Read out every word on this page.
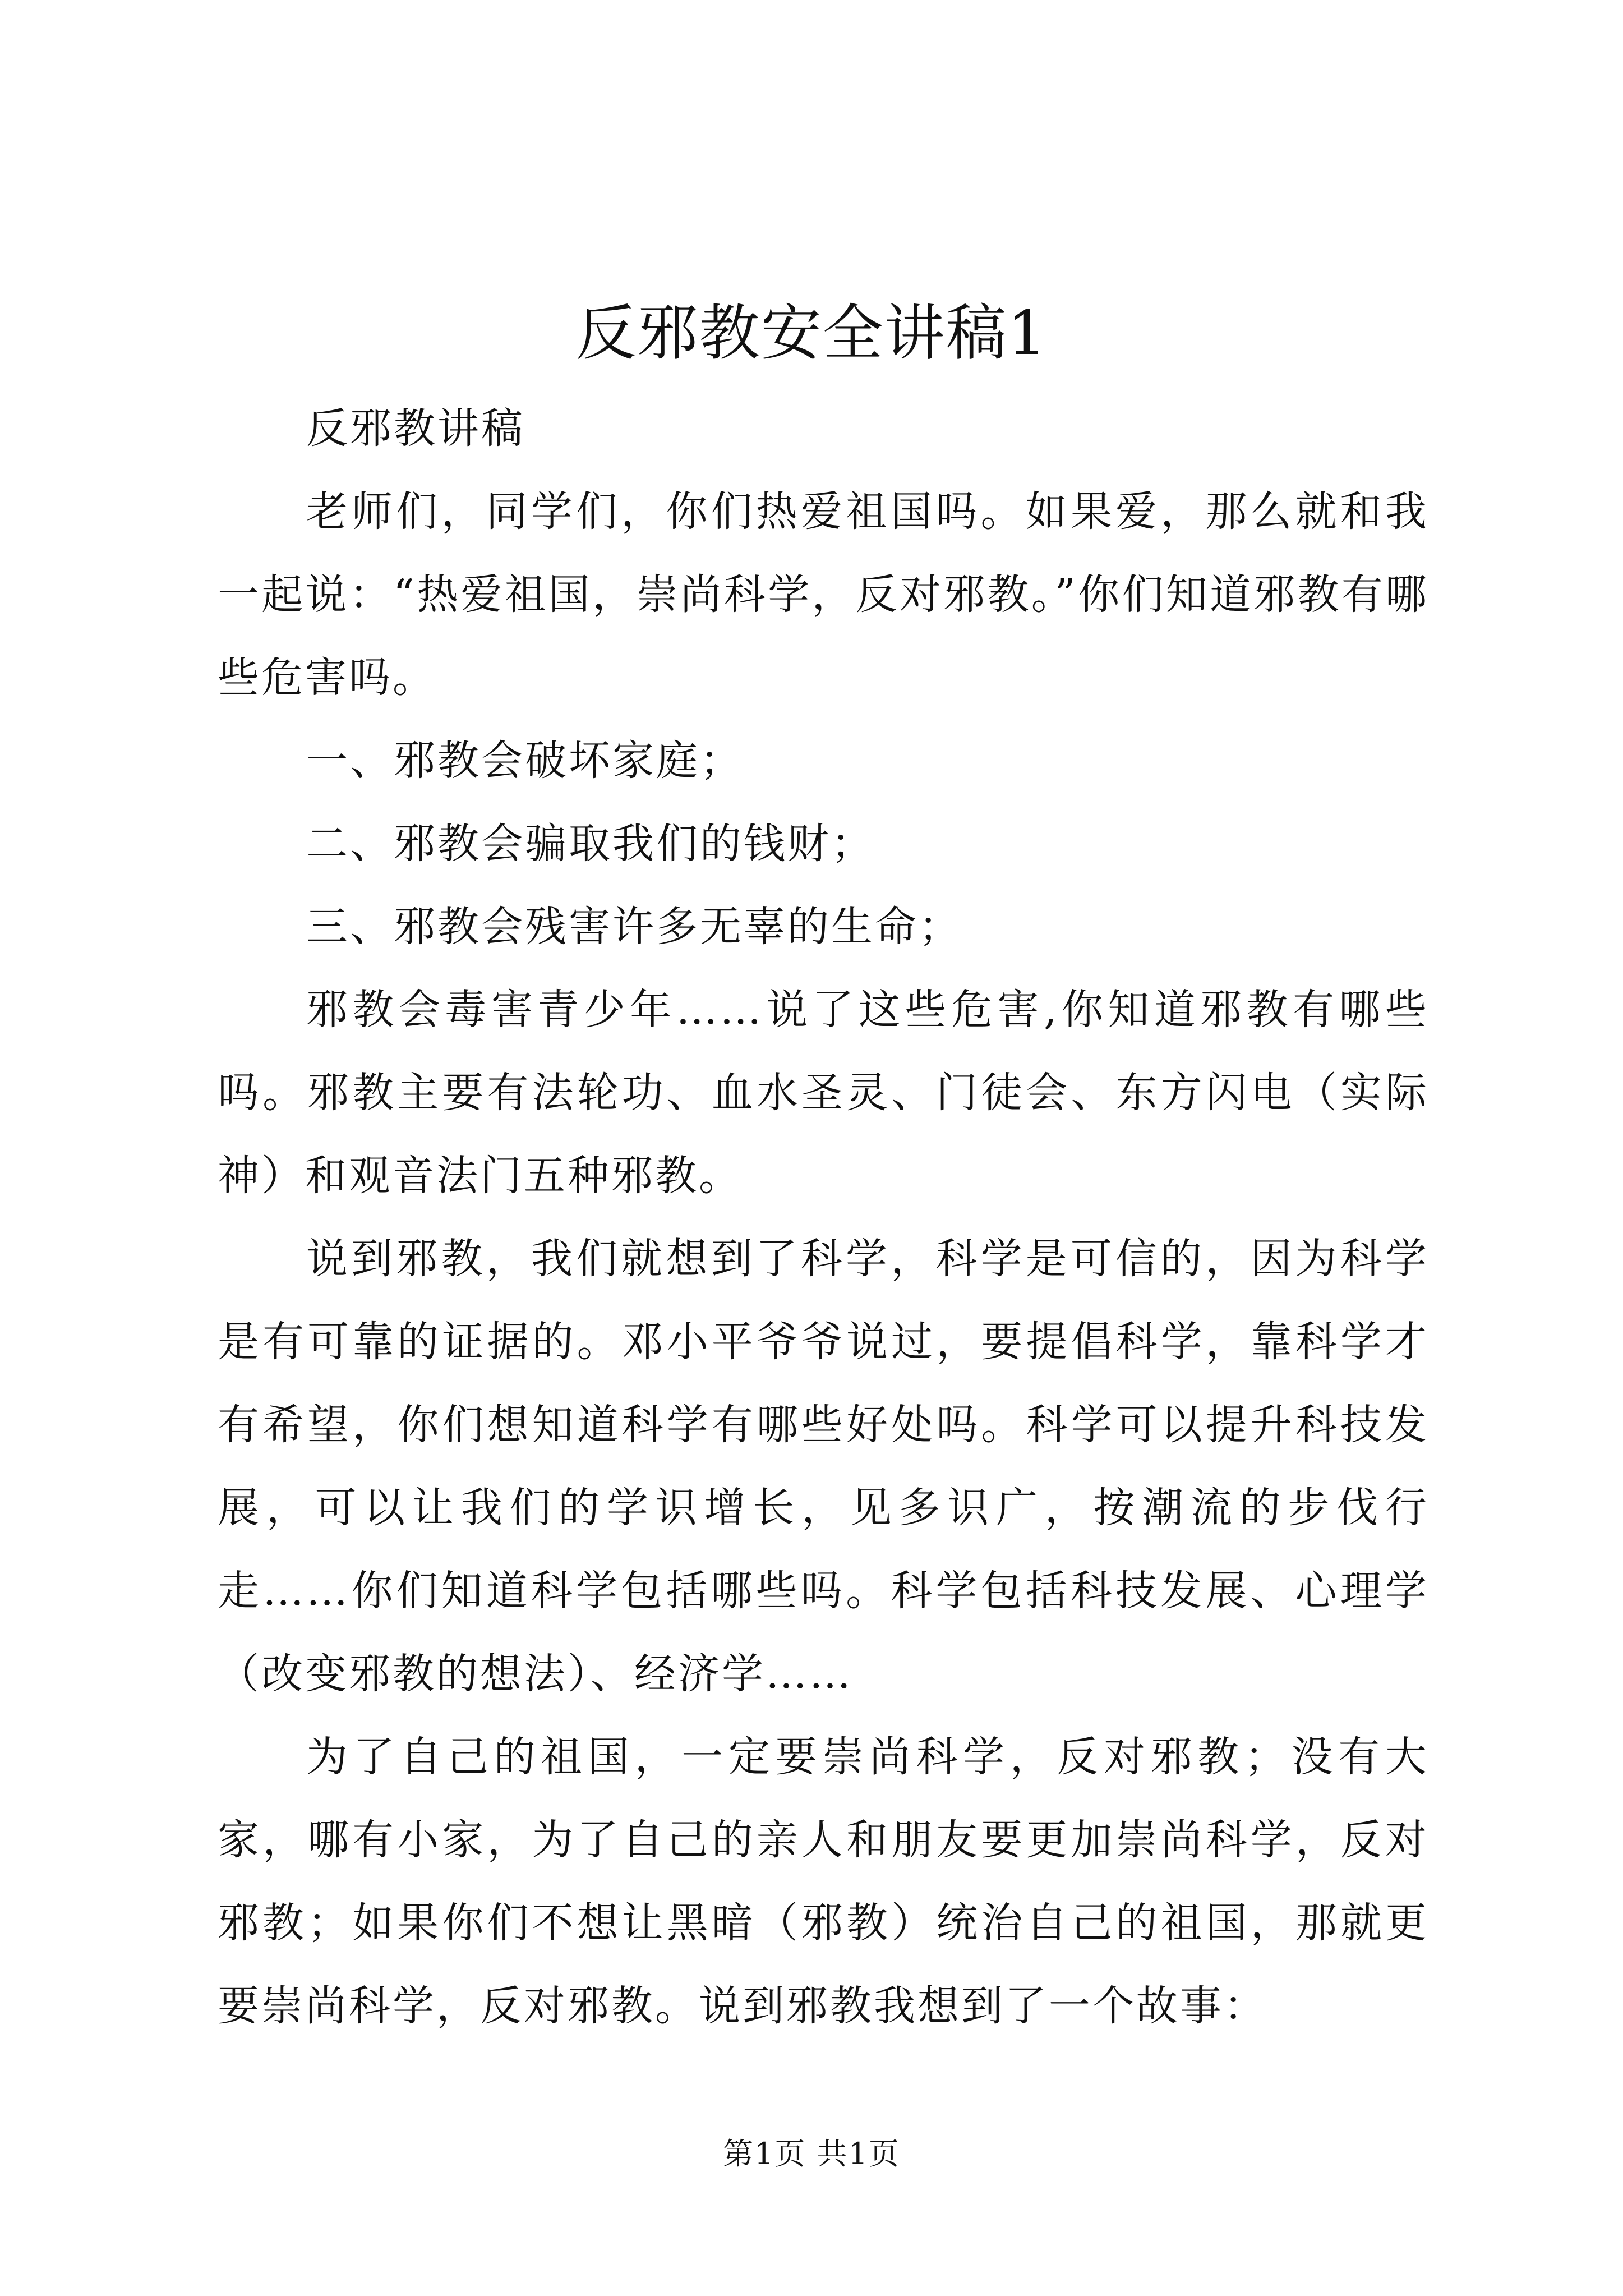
反邪教安全讲稿1

反邪教讲稿

老师们，同学们，你们热爱祖国吗。如果爱，那么就和我一起说：“热爱祖国，崇尚科学，反对邪教。”你们知道邪教有哪些危害吗。

一、邪教会破坏家庭；

二、邪教会骗取我们的钱财；

三、邪教会残害许多无辜的生命；

邪教会毒害青少年……说了这些危害,你知道邪教有哪些吗。邪教主要有法轮功、血水圣灵、门徒会、东方闪电（实际神）和观音法门五种邪教。

说到邪教，我们就想到了科学，科学是可信的，因为科学是有可靠的证据的。邓小平爷爷说过，要提倡科学，靠科学才有希望，你们想知道科学有哪些好处吗。科学可以提升科技发展，可以让我们的学识增长，见多识广，按潮流的步伐行走……你们知道科学包括哪些吗。科学包括科技发展、心理学（改变邪教的想法）、经济学……

为了自己的祖国，一定要崇尚科学，反对邪教；没有大家，哪有小家，为了自己的亲人和朋友要更加崇尚科学，反对邪教；如果你们不想让黑暗（邪教）统治自己的祖国，那就更要崇尚科学，反对邪教。说到邪教我想到了一个故事：

第1页 共1页
